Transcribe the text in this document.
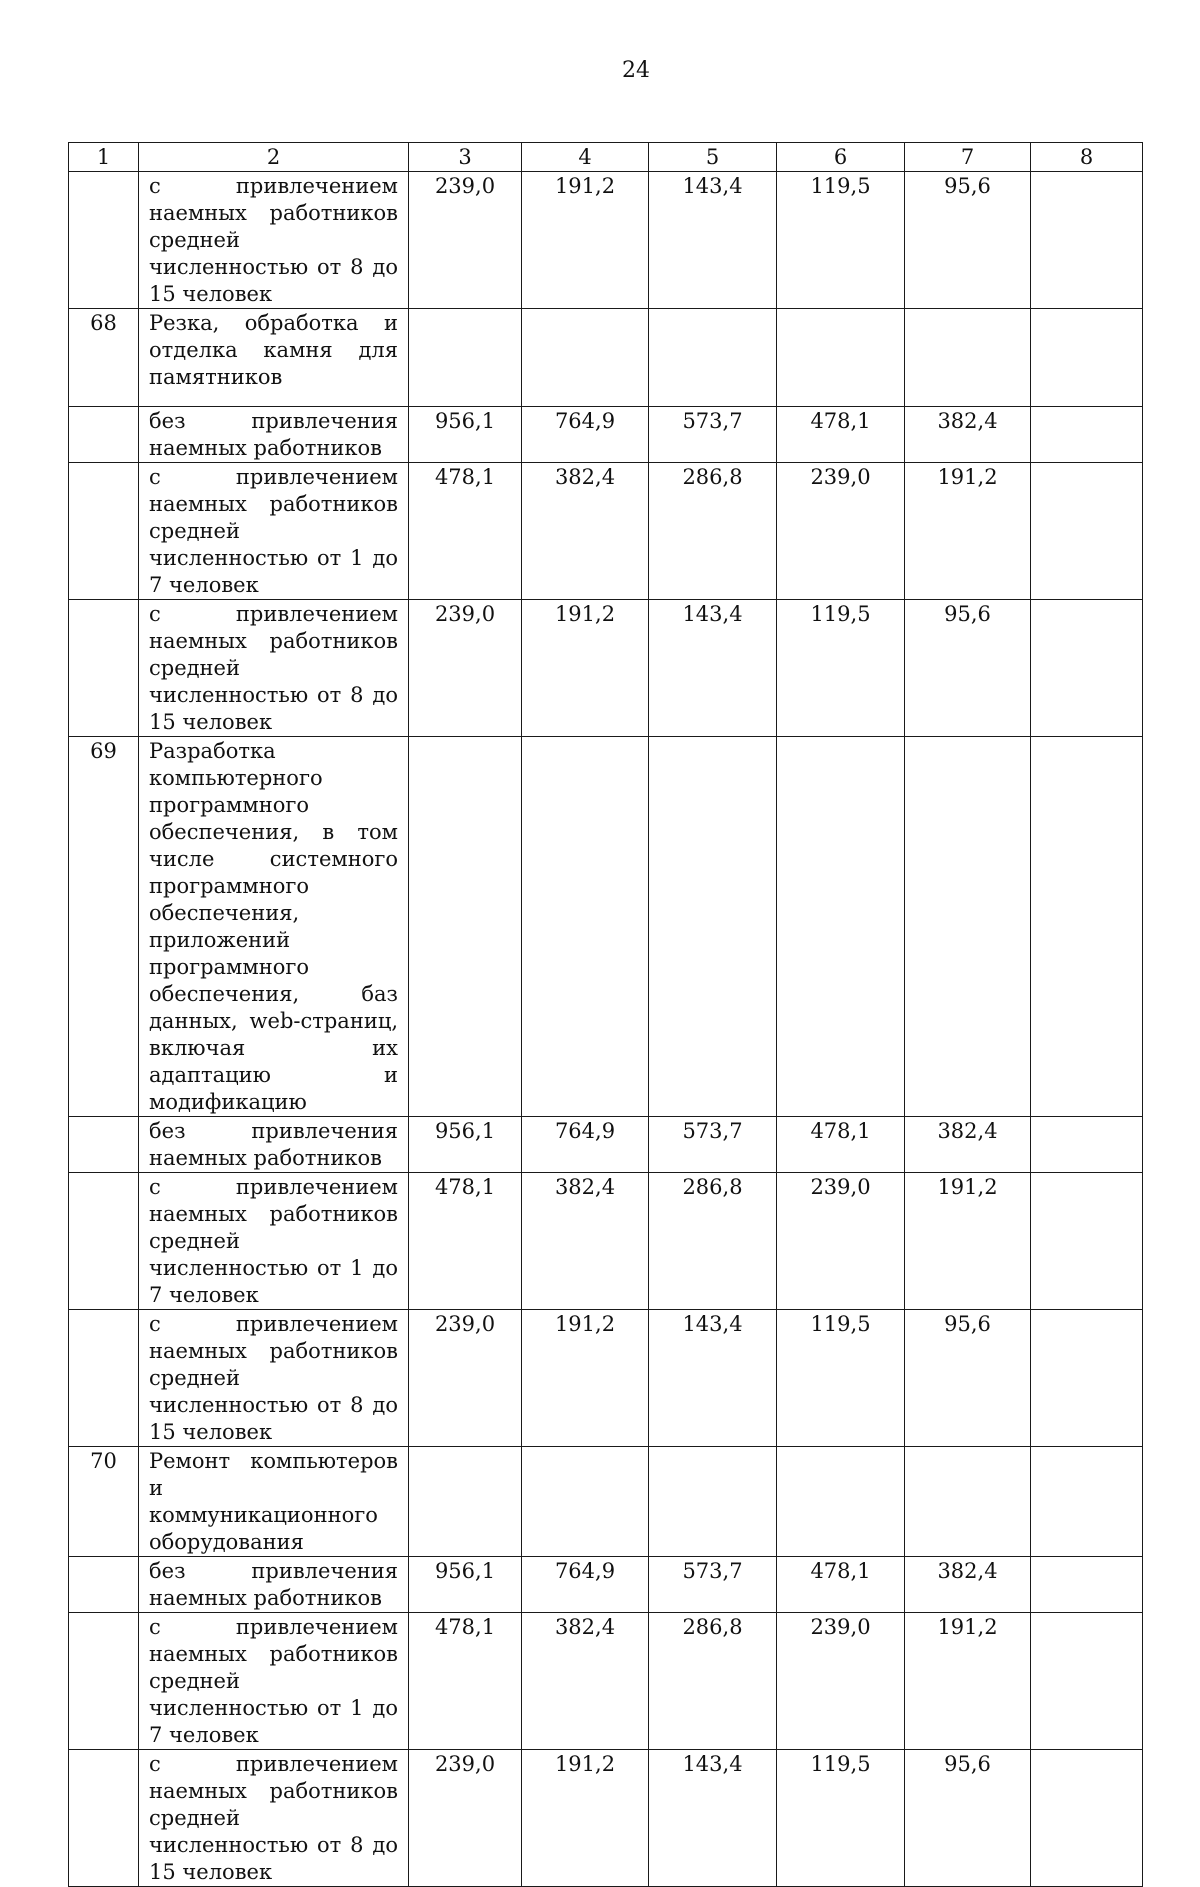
24
1	2	3	4	5	6	7	8
	с привлечением наемных работников средней численностью от 8 до 15 человек	239,0	191,2	143,4	119,5	95,6	
68	Резка, обработка и отделка камня для памятников						
	без привлечения наемных работников	956,1	764,9	573,7	478,1	382,4	
	с привлечением наемных работников средней численностью от 1 до 7 человек	478,1	382,4	286,8	239,0	191,2	
	с привлечением наемных работников средней численностью от 8 до 15 человек	239,0	191,2	143,4	119,5	95,6	
69	Разработка компьютерного программного обеспечения, в том числе системного программного обеспечения, приложений программного обеспечения, баз данных, web-страниц, включая их адаптацию и модификацию						
	без привлечения наемных работников	956,1	764,9	573,7	478,1	382,4	
	с привлечением наемных работников средней численностью от 1 до 7 человек	478,1	382,4	286,8	239,0	191,2	
	с привлечением наемных работников средней численностью от 8 до 15 человек	239,0	191,2	143,4	119,5	95,6	
70	Ремонт компьютеров и коммуникационного оборудования						
	без привлечения наемных работников	956,1	764,9	573,7	478,1	382,4	
	с привлечением наемных работников средней численностью от 1 до 7 человек	478,1	382,4	286,8	239,0	191,2	
	с привлечением наемных работников средней численностью от 8 до 15 человек	239,0	191,2	143,4	119,5	95,6	
